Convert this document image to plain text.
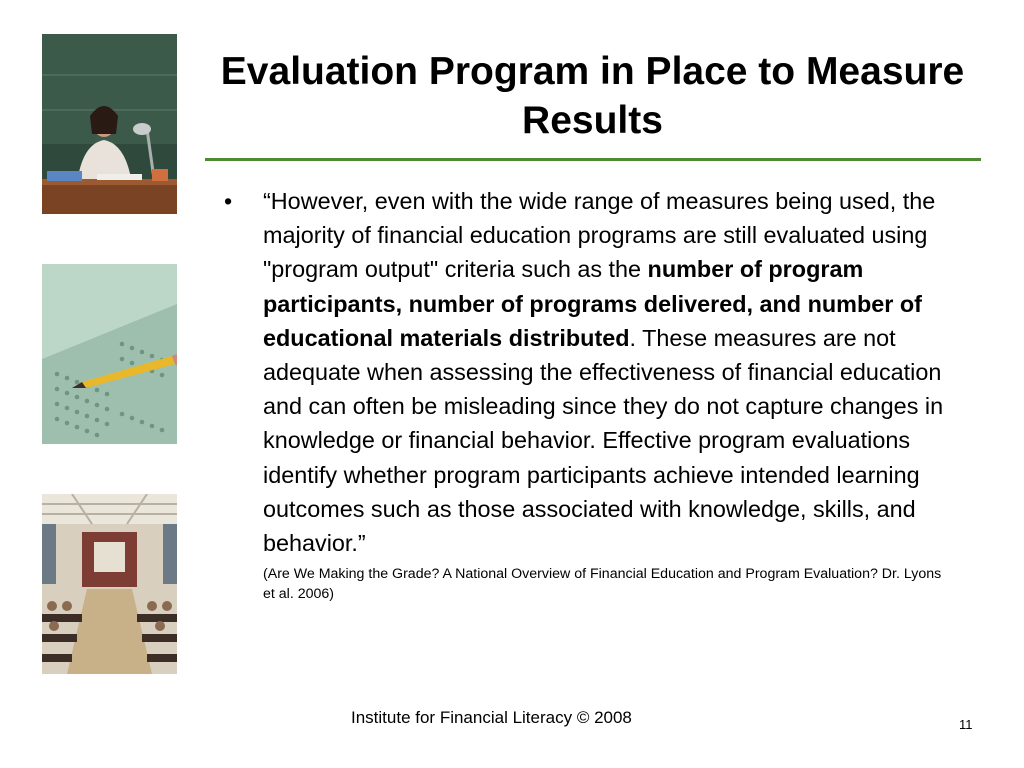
Evaluation Program in Place to Measure Results
• “However, even with the wide range of measures being used, the majority of financial education programs are still evaluated using "program output" criteria such as the number of program participants, number of programs delivered, and number of educational materials distributed. These measures are not adequate when assessing the effectiveness of financial education and can often be misleading since they do not capture changes in knowledge or financial behavior. Effective program evaluations identify whether program participants achieve intended learning outcomes such as those associated with knowledge, skills, and behavior.”
(Are We Making the Grade? A National Overview of Financial Education and Program Evaluation? Dr. Lyons et al. 2006)
Institute for Financial Literacy © 2008	11
